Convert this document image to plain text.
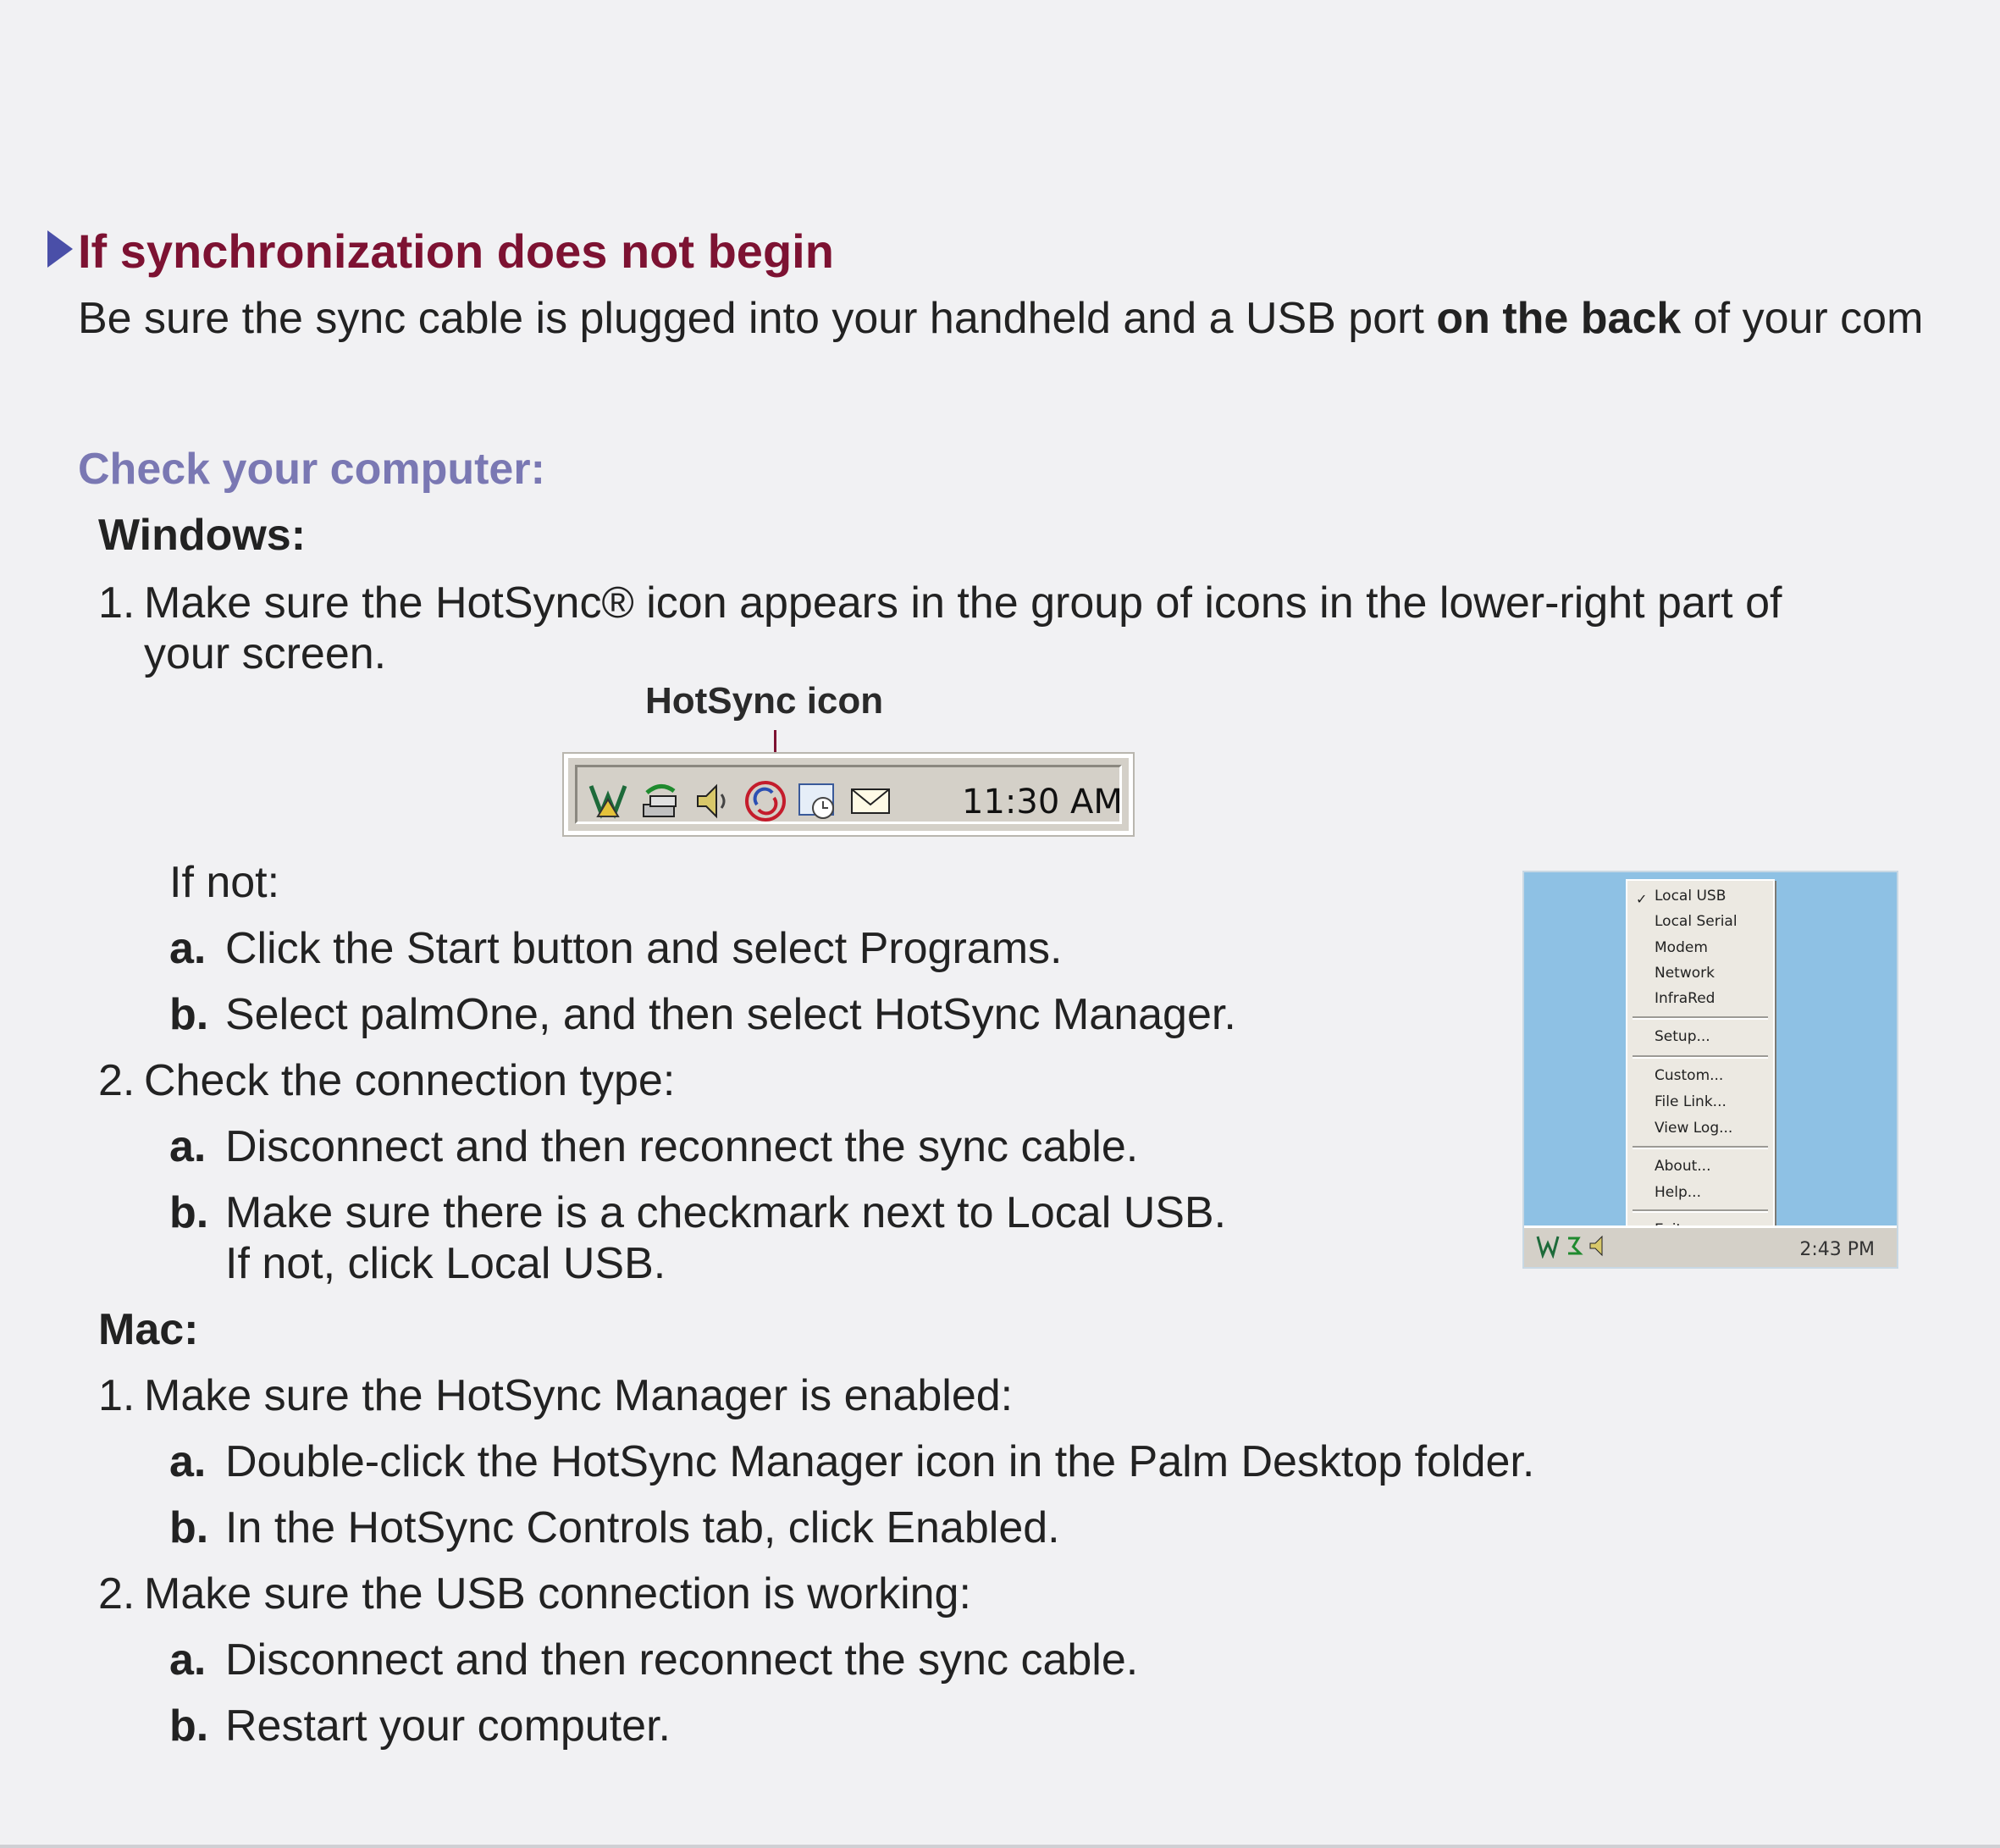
If synchronization does not begin
Be sure the sync cable is plugged into your handheld and a USB port on the back of your com
Check your computer:
Windows:
1. Make sure the HotSync® icon appears in the group of icons in the lower-right part of
your screen.
HotSync icon
11:30 AM
If not:
a. Click the Start button and select Programs.
b. Select palmOne, and then select HotSync Manager.
2. Check the connection type:
a. Disconnect and then reconnect the sync cable.
b. Make sure there is a checkmark next to Local USB.
If not, click Local USB.
✓ Local USB
Local Serial
Modem
Network
InfraRed
Setup...
Custom...
File Link...
View Log...
About...
Help...
2:43 PM
Mac:
1. Make sure the HotSync Manager is enabled:
a. Double-click the HotSync Manager icon in the Palm Desktop folder.
b. In the HotSync Controls tab, click Enabled.
2. Make sure the USB connection is working:
a. Disconnect and then reconnect the sync cable.
b. Restart your computer.
